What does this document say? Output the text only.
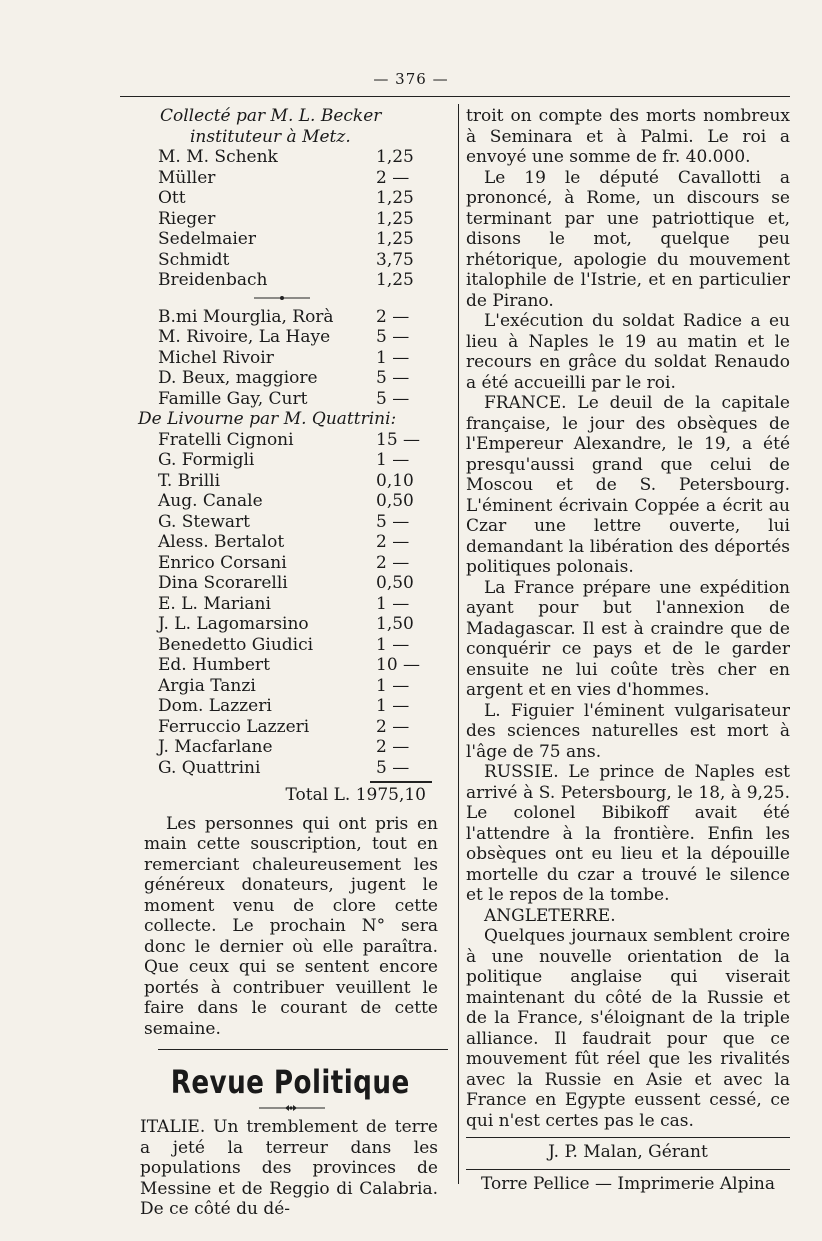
— 376 —
Collecté par M. L. Becker
instituteur à Metz.
M. M. Schenk	1,25
Müller	2 —
Ott	1,25
Rieger	1,25
Sedelmaier	1,25
Schmidt	3,75
Breidenbach	1,25
B.mi Mourglia, Rorà 2 —
M. Rivoire, La Haye	5 —
Michel Rivoir	1 —
D. Beux, maggiore	5 —
Famille Gay, Curt	5 —
De Livourne par M. Quattrini:
Fratelli Cignoni	15 —
G. Formigli	1 —
T. Brilli	0,10
Aug. Canale	0,50
G. Stewart	5 —
Aless. Bertalot	2 —
Enrico Corsani	2 —
Dina Scorarelli	0,50
E. L. Mariani	1 —
J. L. Lagomarsino	1,50
Benedetto Giudici	1 —
Ed. Humbert	10 —
Argia Tanzi	1 —
Dom. Lazzeri	1 —
Ferruccio Lazzeri	2 —
J. Macfarlane	2 —
G. Quattrini	5 —
Total L. 1975,10

Les personnes qui ont pris en main cette souscription, tout en remerciant chaleureusement les généreux donateurs, jugent le moment venu de clore cette collecte. Le prochain N° sera donc le dernier où elle paraîtra. Que ceux qui se sentent encore portés à contribuer veuillent le faire dans le courant de cette semaine.

Revue Politique

ITALIE. Un tremblement de terre a jeté la terreur dans les populations des provinces de Messine et de Reggio di Calabria. De ce côté du dé-

troit on compte des morts nombreux à Seminara et à Palmi. Le roi a envoyé une somme de fr. 40.000.

Le 19 le député Cavallotti a prononcé, à Rome, un discours se terminant par une patriottique et, disons le mot, quelque peu rhétorique, apologie du mouvement italophile de l'Istrie, et en particulier de Pirano.

L'exécution du soldat Radice a eu lieu à Naples le 19 au matin et le recours en grâce du soldat Renaudo a été accueilli par le roi.

FRANCE. Le deuil de la capitale française, le jour des obsèques de l'Empereur Alexandre, le 19, a été presqu'aussi grand que celui de Moscou et de S. Petersbourg. L'éminent écrivain Coppée a écrit au Czar une lettre ouverte, lui demandant la libération des déportés politiques polonais.

La France prépare une expédition ayant pour but l'annexion de Madagascar. Il est à craindre que de conquérir ce pays et de le garder ensuite ne lui coûte très cher en argent et en vies d'hommes.

L. Figuier l'éminent vulgarisateur des sciences naturelles est mort à l'âge de 75 ans.

RUSSIE. Le prince de Naples est arrivé à S. Petersbourg, le 18, à 9,25. Le colonel Bibikoff avait été l'attendre à la frontière. Enfin les obsèques ont eu lieu et la dépouille mortelle du czar a trouvé le silence et le repos de la tombe.

ANGLETERRE.

Quelques journaux semblent croire à une nouvelle orientation de la politique anglaise qui viserait maintenant du côté de la Russie et de la France, s'éloignant de la triple alliance. Il faudrait pour que ce mouvement fût réel que les rivalités avec la Russie en Asie et avec la France en Egypte eussent cessé, ce qui n'est certes pas le cas.

J. P. Malan, Gérant
Torre Pellice — Imprimerie Alpina
